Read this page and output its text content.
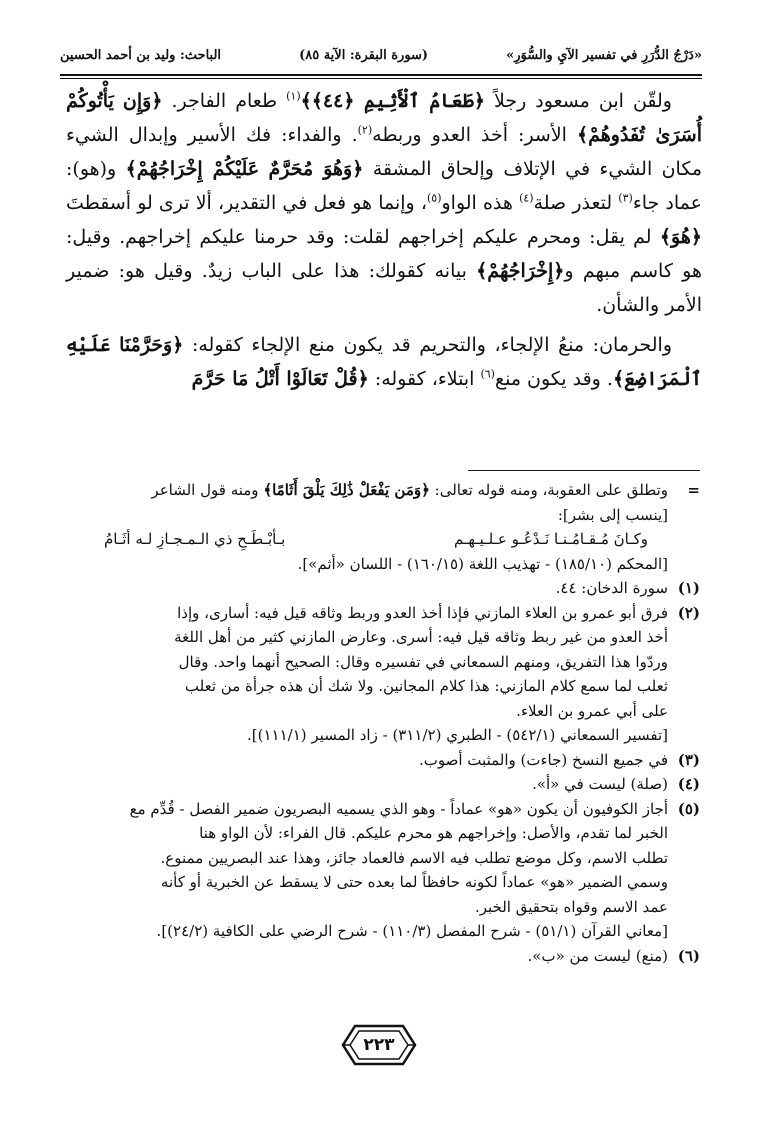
«دَرْجُ الدُّرَرِ في تفسير الآيِ والسُّوَرِ»
(سورة البقرة: الآية ٨٥)
الباحث: وليد بن أحمد الحسين

ولقّن ابن مسعود رجلاً ﴿طَعَامُ ٱلْأَثِيمِ ﴿٤٤﴾﴾$^{(١)}$ طعام الفاجر. ﴿وَإِن يَأْتُوكُمْ أُسَرَىٰ تُفَدُوهُمْ﴾ الأسر: أخذ العدو وربطه$^{(٢)}$. والفداء: فك الأسير وإبدال الشيء مكان الشيء في الإتلاف وإلحاق المشقة ﴿وَهُوَ مُحَرَّمٌ عَلَيْكُمْ إِخْرَاجُهُمْ﴾ و(هو): عماد جاء$^{(٣)}$ لتعذر صلة$^{(٤)}$ هذه الواو$^{(٥)}$، وإنما هو فعل في التقدير، ألا ترى لو أسقطتَ ﴿هُوَ﴾ لم يقل: ومحرم عليكم إخراجهم لقلت: وقد حرمنا عليكم إخراجهم. وقيل: هو كاسم مبهم و﴿إِخْرَاجُهُمْ﴾ بيانه كقولك: هذا على الباب زيدٌ. وقيل هو: ضمير الأمر والشأن.

والحرمان: منعُ الإلجاء، والتحريم قد يكون منع الإلجاء كقوله: ﴿وَحَرَّمْنَا عَلَيْهِ ٱلْمَرَاضِعَ﴾. وقد يكون منع$^{(٦)}$ ابتلاء، كقوله: ﴿قُلْ تَعَالَوْا أَتْلُ مَا حَرَّمَ

=
وتطلق على العقوبة، ومنه قوله تعالى: ﴿وَمَن يَفْعَلْ ذَٰلِكَ يَلْقَ أَثَامًا﴾ ومنه قول الشاعر
[ينسب إلى بشر]:
وكـانَ مُـقـامُـنـا نَـدْعُـو عـلـيـهـم
بـأبْـطَـحِ ذي الـمـجـازِ لـه أثَـامُ
[المحكم (١٨٥/١٠) - تهذيب اللغة (١٦٠/١٥) - اللسان «أثم»].
(١)
سورة الدخان: ٤٤.
(٢)
فرق أبو عمرو بن العلاء المازني فإذا أخذ العدو وربط وثاقه قيل فيه: أسارى، وإذا
أخذ العدو من غير ربط وثاقه قيل فيه: أسرى. وعارض المازني كثير من أهل اللغة
وردّوا هذا التفريق، ومنهم السمعاني في تفسيره وقال: الصحيح أنهما واحد. وقال
ثعلب لما سمع كلام المازني: هذا كلام المجانين. ولا شك أن هذه جرأة من ثعلب
على أبي عمرو بن العلاء.
[تفسير السمعاني (٥٤٢/١) - الطبري (٣١١/٢) - زاد المسير (١١١/١)].
(٣)
في جميع النسخ (جاءت) والمثبت أصوب.
(٤)
(صلة) ليست في «أ».
(٥)
أجاز الكوفيون أن يكون «هو» عماداً - وهو الذي يسميه البصريون ضمير الفصل - قُدِّم مع
الخبر لما تقدم، والأصل: وإخراجهم هو محرم عليكم. قال الفراء: لأن الواو هنا
تطلب الاسم، وكل موضع تطلب فيه الاسم فالعماد جائز، وهذا عند البصريين ممنوع.
وسمي الضمير «هو» عماداً لكونه حافظاً لما بعده حتى لا يسقط عن الخبرية أو كأنه
عمد الاسم وقواه بتحقيق الخبر.
[معاني القرآن (٥١/١) - شرح المفصل (١١٠/٣) - شرح الرضي على الكافية (٢٤/٢)].
(٦)
(منع) ليست من «ب».
٢٢٣
